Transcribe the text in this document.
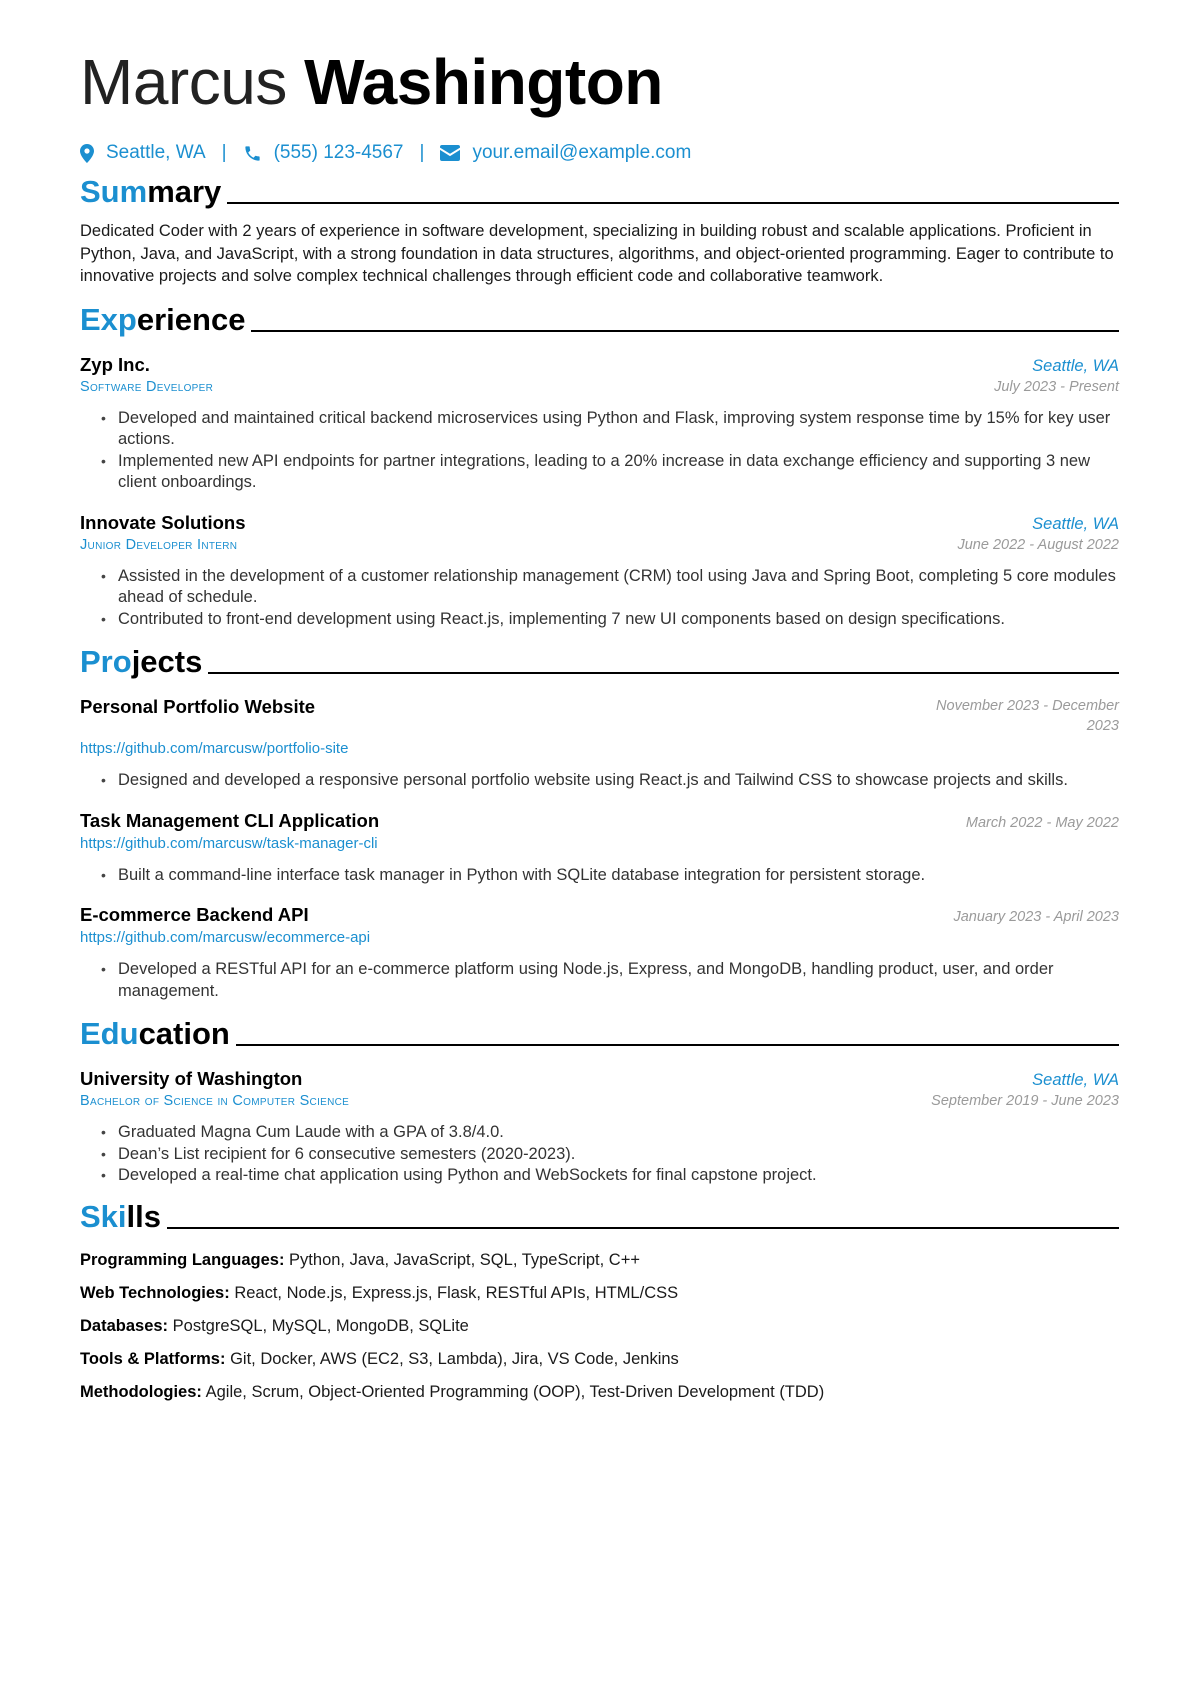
Marcus Washington
Seattle, WA | (555) 123-4567 |	your.email@example.com
Summary
Dedicated Coder with 2 years of experience in software development, specializing in building robust and scalable applications. Proficient in Python, Java, and JavaScript, with a strong foundation in data structures, algorithms, and object-oriented programming. Eager to contribute to innovative projects and solve complex technical challenges through efficient code and collaborative teamwork.
Experience
Zyp Inc.	Seattle, WA
Software Developer	July 2023 - Present
• Developed and maintained critical backend microservices using Python and Flask, improving system response time by 15% for key user actions.
• Implemented new API endpoints for partner integrations, leading to a 20% increase in data exchange efficiency and supporting 3 new client onboardings.
Innovate Solutions	Seattle, WA
Junior Developer Intern	June 2022 - August 2022
• Assisted in the development of a customer relationship management (CRM) tool using Java and Spring Boot, completing 5 core modules ahead of schedule.
• Contributed to front-end development using React.js, implementing 7 new UI components based on design specifications.
Projects
Personal Portfolio Website	November 2023 - December 2023
https://github.com/marcusw/portfolio-site
• Designed and developed a responsive personal portfolio website using React.js and Tailwind CSS to showcase projects and skills.
Task Management CLI Application	March 2022 - May 2022
https://github.com/marcusw/task-manager-cli
• Built a command-line interface task manager in Python with SQLite database integration for persistent storage.
E-commerce Backend API	January 2023 - April 2023
https://github.com/marcusw/ecommerce-api
• Developed a RESTful API for an e-commerce platform using Node.js, Express, and MongoDB, handling product, user, and order management.
Education
University of Washington	Seattle, WA
Bachelor of Science in Computer Science	September 2019 - June 2023
• Graduated Magna Cum Laude with a GPA of 3.8/4.0.
• Dean’s List recipient for 6 consecutive semesters (2020-2023).
• Developed a real-time chat application using Python and WebSockets for final capstone project.
Skills
Programming Languages: Python, Java, JavaScript, SQL, TypeScript, C++
Web Technologies: React, Node.js, Express.js, Flask, RESTful APIs, HTML/CSS
Databases: PostgreSQL, MySQL, MongoDB, SQLite
Tools & Platforms: Git, Docker, AWS (EC2, S3, Lambda), Jira, VS Code, Jenkins
Methodologies: Agile, Scrum, Object-Oriented Programming (OOP), Test-Driven Development (TDD)
